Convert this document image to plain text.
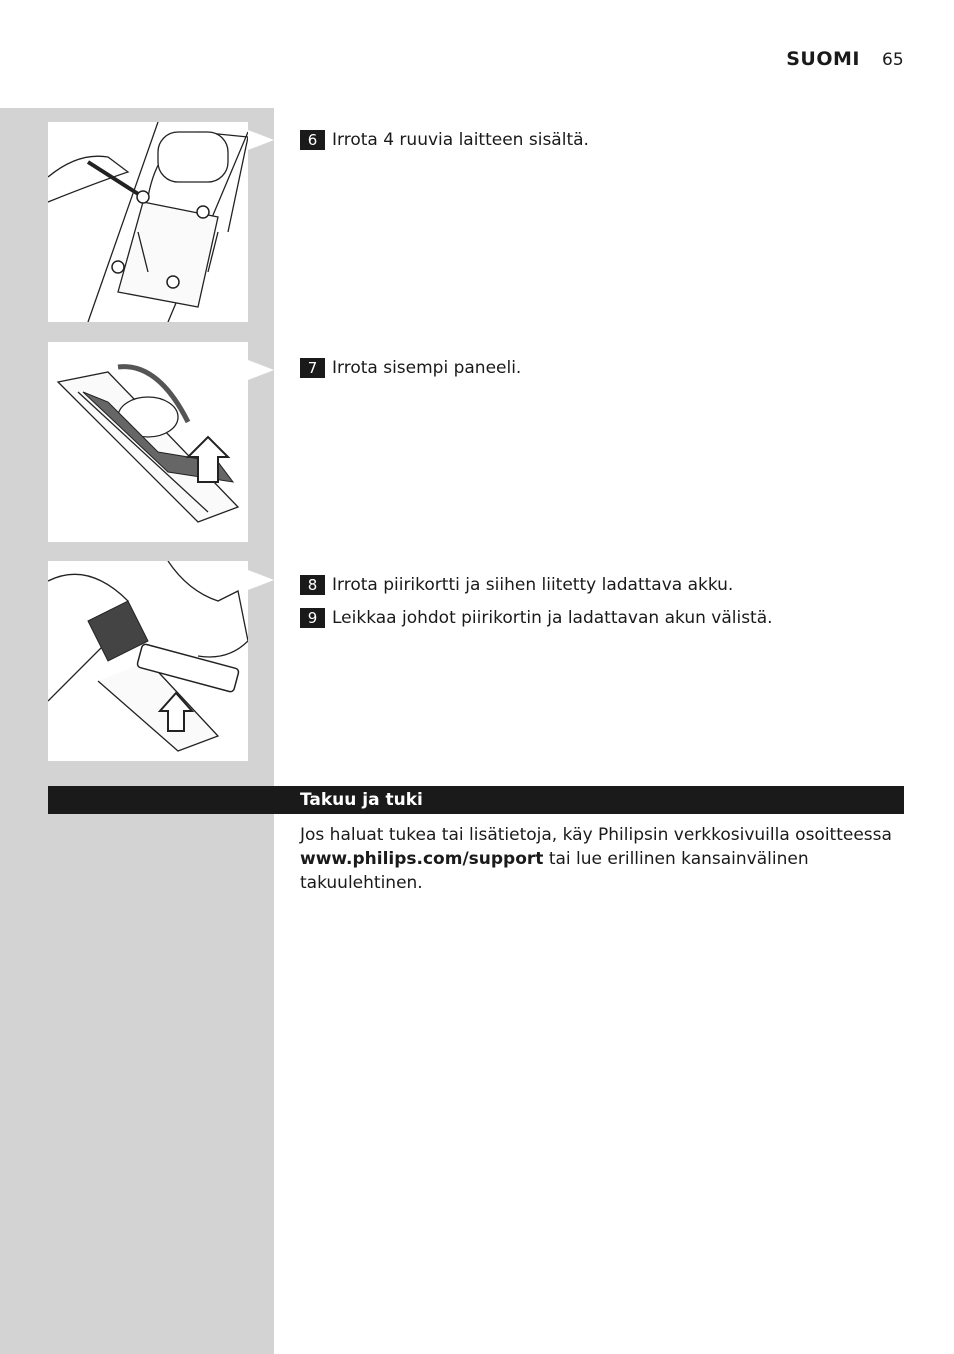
SUOMI 65
6 Irrota 4 ruuvia laitteen sisältä.
7 Irrota sisempi paneeli.
8 Irrota piirikortti ja siihen liitetty ladattava akku.
9 Leikkaa johdot piirikortin ja ladattavan akun välistä.
Takuu ja tuki
Jos haluat tukea tai lisätietoja, käy Philipsin verkkosivuilla osoitteessa www.philips.com/support tai lue erillinen kansainvälinen takuulehtinen.
